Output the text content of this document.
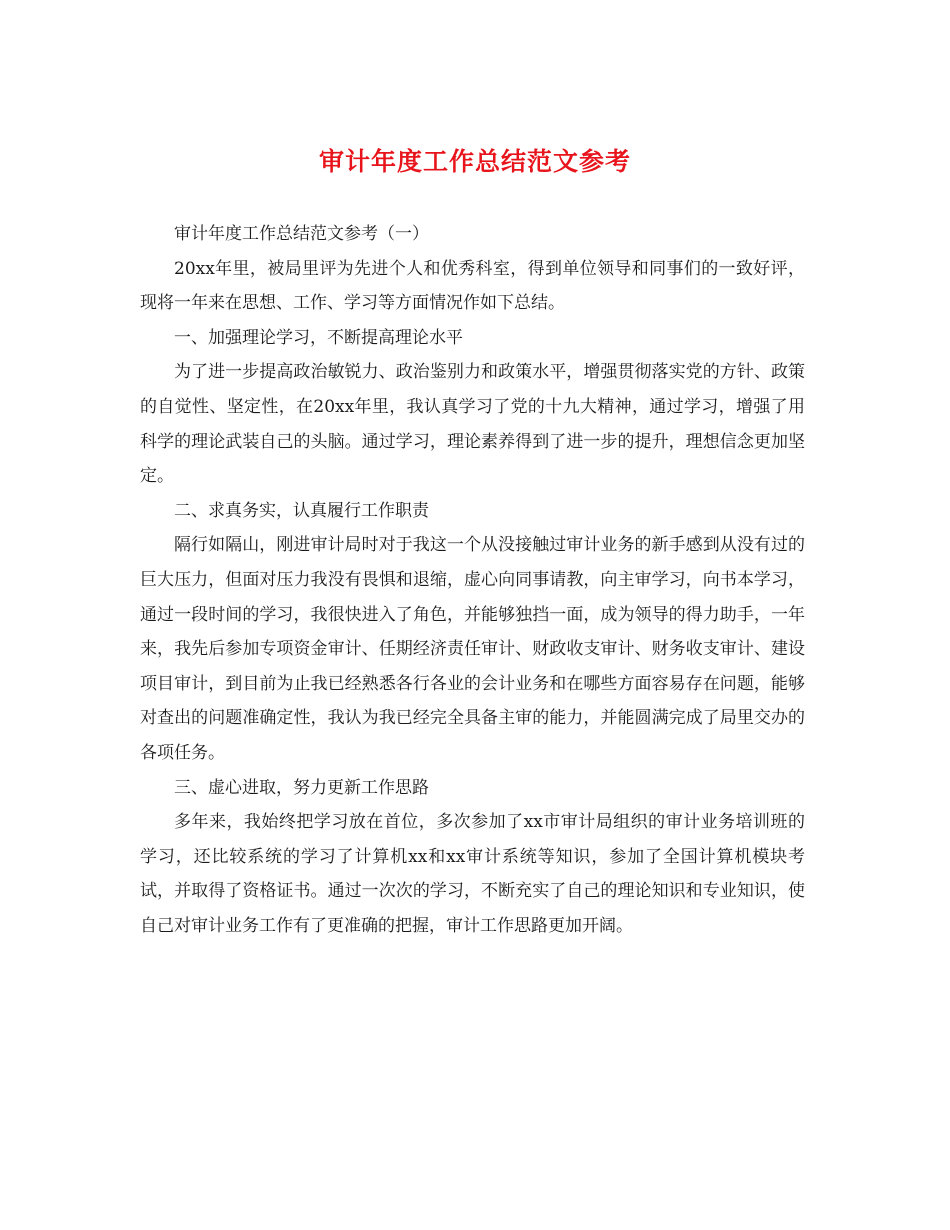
审计年度工作总结范文参考

审计年度工作总结范文参考（一）

20xx年里，被局里评为先进个人和优秀科室，得到单位领导和同事们的一致好评，现将一年来在思想、工作、学习等方面情况作如下总结。

一、加强理论学习，不断提高理论水平

为了进一步提高政治敏锐力、政治鉴别力和政策水平，增强贯彻落实党的方针、政策的自觉性、坚定性，在20xx年里，我认真学习了党的十九大精神，通过学习，增强了用科学的理论武装自己的头脑。通过学习，理论素养得到了进一步的提升，理想信念更加坚定。

二、求真务实，认真履行工作职责

隔行如隔山，刚进审计局时对于我这一个从没接触过审计业务的新手感到从没有过的巨大压力，但面对压力我没有畏惧和退缩，虚心向同事请教，向主审学习，向书本学习，通过一段时间的学习，我很快进入了角色，并能够独挡一面，成为领导的得力助手，一年来，我先后参加专项资金审计、任期经济责任审计、财政收支审计、财务收支审计、建设项目审计，到目前为止我已经熟悉各行各业的会计业务和在哪些方面容易存在问题，能够对查出的问题准确定性，我认为我已经完全具备主审的能力，并能圆满完成了局里交办的各项任务。

三、虚心进取，努力更新工作思路

多年来，我始终把学习放在首位，多次参加了xx市审计局组织的审计业务培训班的学习，还比较系统的学习了计算机xx和xx审计系统等知识，参加了全国计算机模块考试，并取得了资格证书。通过一次次的学习，不断充实了自己的理论知识和专业知识，使自己对审计业务工作有了更准确的把握，审计工作思路更加开阔。
